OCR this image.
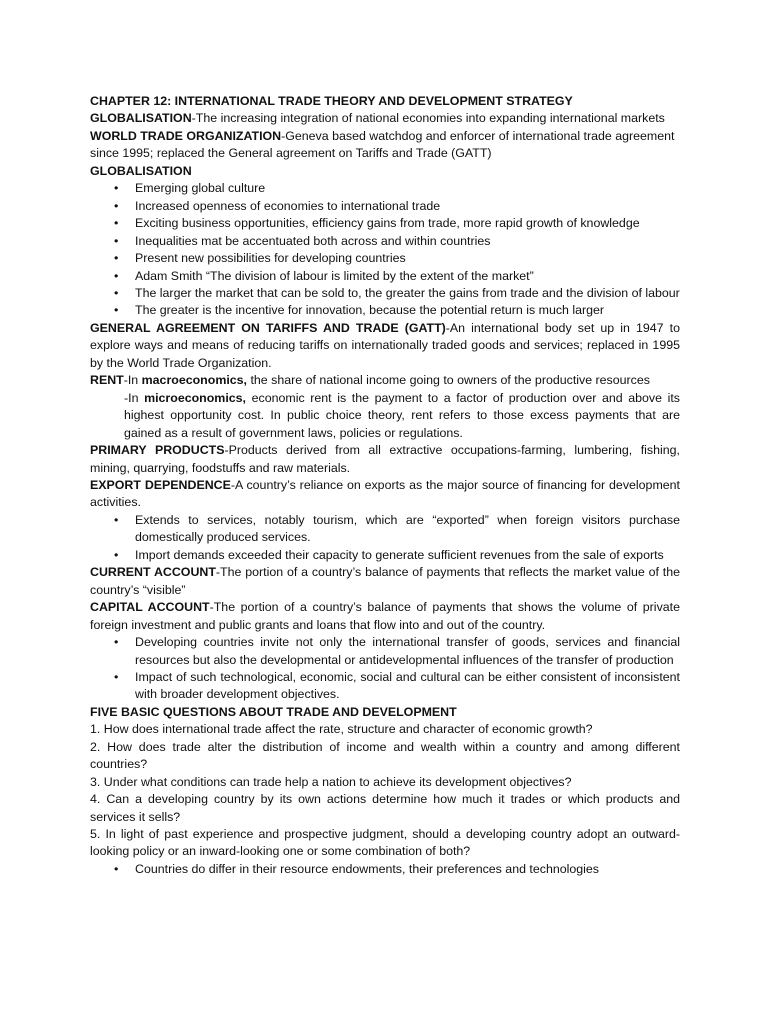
CHAPTER 12: INTERNATIONAL TRADE THEORY AND DEVELOPMENT STRATEGY

GLOBALISATION-The increasing integration of national economies into expanding international markets

WORLD TRADE ORGANIZATION-Geneva based watchdog and enforcer of international trade agreement since 1995; replaced the General agreement on Tariffs and Trade (GATT)

GLOBALISATION

• Emerging global culture
• Increased openness of economies to international trade
• Exciting business opportunities, efficiency gains from trade, more rapid growth of knowledge
• Inequalities mat be accentuated both across and within countries
• Present new possibilities for developing countries
• Adam Smith “The division of labour is limited by the extent of the market”
• The larger the market that can be sold to, the greater the gains from trade and the division of labour
• The greater is the incentive for innovation, because the potential return is much larger

GENERAL AGREEMENT ON TARIFFS AND TRADE (GATT)-An international body set up in 1947 to explore ways and means of reducing tariffs on internationally traded goods and services; replaced in 1995 by the World Trade Organization.

RENT-In macroeconomics, the share of national income going to owners of the productive resources

-In microeconomics, economic rent is the payment to a factor of production over and above its highest opportunity cost. In public choice theory, rent refers to those excess payments that are gained as a result of government laws, policies or regulations.

PRIMARY PRODUCTS-Products derived from all extractive occupations-farming, lumbering, fishing, mining, quarrying, foodstuffs and raw materials.

EXPORT DEPENDENCE-A country’s reliance on exports as the major source of financing for development activities.

• Extends to services, notably tourism, which are “exported” when foreign visitors purchase domestically produced services.
• Import demands exceeded their capacity to generate sufficient revenues from the sale of exports

CURRENT ACCOUNT-The portion of a country’s balance of payments that reflects the market value of the country’s “visible”

CAPITAL ACCOUNT-The portion of a country’s balance of payments that shows the volume of private foreign investment and public grants and loans that flow into and out of the country.

• Developing countries invite not only the international transfer of goods, services and financial resources but also the developmental or antidevelopmental influences of the transfer of production
• Impact of such technological, economic, social and cultural can be either consistent of inconsistent with broader development objectives.

FIVE BASIC QUESTIONS ABOUT TRADE AND DEVELOPMENT

1. How does international trade affect the rate, structure and character of economic growth?

2. How does trade alter the distribution of income and wealth within a country and among different countries?

3. Under what conditions can trade help a nation to achieve its development objectives?

4. Can a developing country by its own actions determine how much it trades or which products and services it sells?

5. In light of past experience and prospective judgment, should a developing country adopt an outward-looking policy or an inward-looking one or some combination of both?

• Countries do differ in their resource endowments, their preferences and technologies
